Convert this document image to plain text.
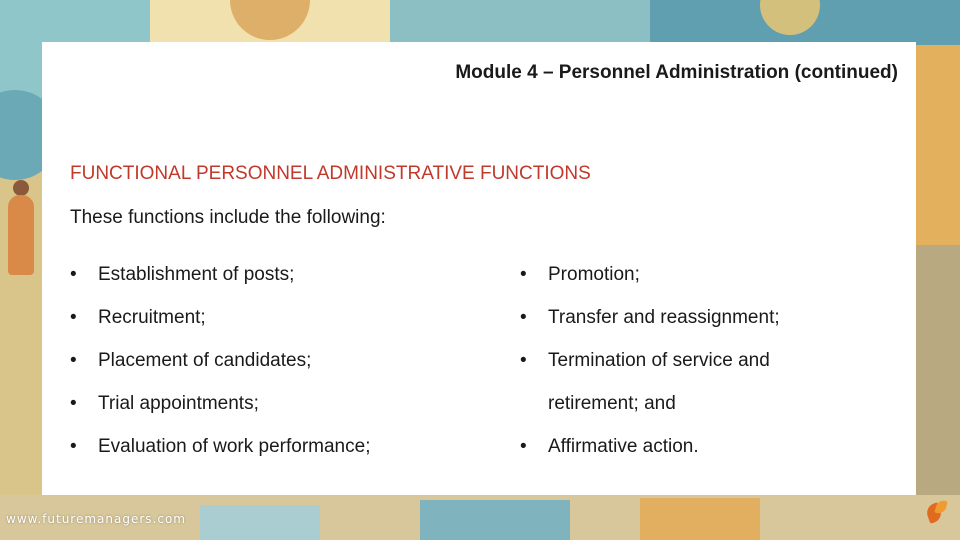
Module 4 – Personnel Administration (continued)
FUNCTIONAL PERSONNEL ADMINISTRATIVE FUNCTIONS
These functions include the following:
•	Establishment of posts;
•	Recruitment;
•	Placement of candidates;
•	Trial appointments;
•	Evaluation of work performance;
•	Promotion;
•	Transfer and reassignment;
•	Termination of service and
retirement; and
•	Affirmative action.
www.futuremanagers.com
